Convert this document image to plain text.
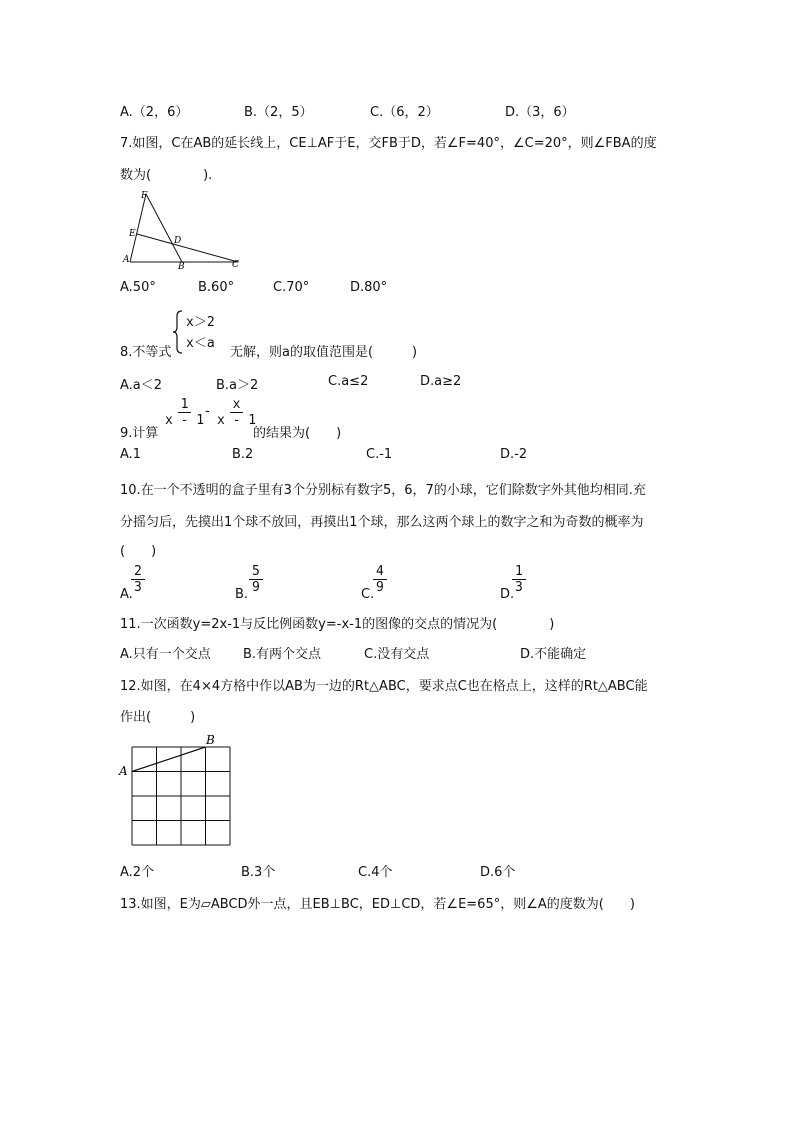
A.（2，6）	B.（2，5）	C.（6，2）	D.（3，6）
7.如图，C在AB的延长线上，CE⊥AF于E，交FB于D，若∠F=40°，∠C=20°，则∠FBA的度
数为(　　　　).
F
E
D
A
B	C
A.50°	B.60°	C.70°	D.80°
8.不等式
x＞2
x＜a
无解，则a的取值范围是(　　　)
A.a＜2	B.a＞2	C.a≤2	D.a≥2
9.计算
$\frac{1}{x - 1}$
- $\frac{x}{x - 1}$
的结果为(　　)
A.1	B.2	C.-1	D.-2
10.在一个不透明的盒子里有3个分别标有数字5，6，7的小球，它们除数字外其他均相同.充
分摇匀后，先摸出1个球不放回，再摸出1个球，那么这两个球上的数字之和为奇数的概率为
(　　)
A.
$\frac{2}{3}$	B. $\frac{5}{9}$	C.
$\frac{4}{9}$	D.
$\frac{1}{3}$
11.一次函数y=2x-1与反比例函数y=-x-1的图像的交点的情况为(　　　　)
A.只有一个交点 B.有两个交点	C.没有交点	D.不能确定
12.如图，在4×4方格中作以AB为一边的Rt△ABC，要求点C也在格点上，这样的Rt△ABC能
作出(　　　)
A
B
A.2个	B.3个	C.4个	D.6个
13.如图，E为▱ABCD外一点，且EB⊥BC，ED⊥CD，若∠E=65°，则∠A的度数为(　　)
